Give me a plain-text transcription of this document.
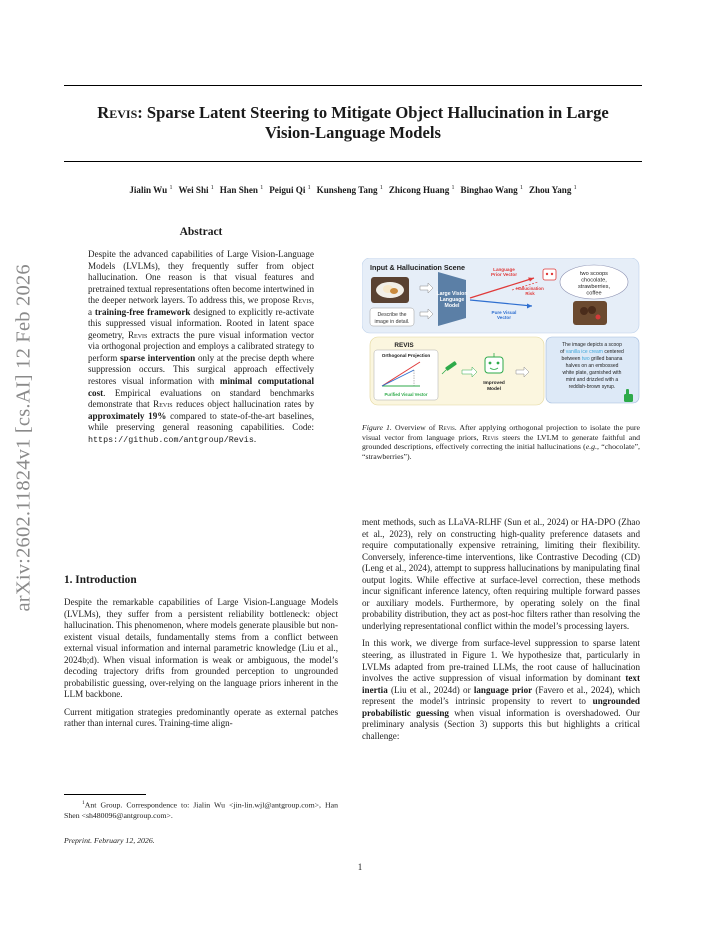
arXiv:2602.11824v1 [cs.AI] 12 Feb 2026
Revis: Sparse Latent Steering to Mitigate Object Hallucination in Large
Vision-Language Models
Jialin Wu $^1$ Wei Shi $^1$ Han Shen $^1$ Peigui Qi $^1$ Kunsheng Tang $^1$ Zhicong Huang $^1$ Binghao Wang $^1$ Zhou Yang $^1$
Abstract

Despite the advanced capabilities of Large Vision-Language Models (LVLMs), they frequently suffer from object hallucination. One reason is that visual features and pretrained textual representations often become intertwined in the deeper network layers. To address this, we propose Revis, a training-free framework designed to explicitly re-activate this suppressed visual information. Rooted in latent space geometry, Revis extracts the pure visual information vector via orthogonal projection and employs a calibrated strategy to perform sparse intervention only at the precise depth where suppression occurs. This surgical approach effectively restores visual information with minimal computational cost. Empirical evaluations on standard benchmarks demonstrate that Revis reduces object hallucination rates by approximately 19% compared to state-of-the-art baselines, while preserving general reasoning capabilities. Code: https://github.com/antgroup/Revis.

1. Introduction

Despite the remarkable capabilities of Large Vision-Language Models (LVLMs), they suffer from a persistent reliability bottleneck: object hallucination. This phenomenon, where models generate plausible but non-existent visual details, fundamentally stems from a conflict between external visual information and internal parametric knowledge (Liu et al., 2024b;d). When visual information is weak or ambiguous, the model’s decoding trajectory drifts from grounded perception to ungrounded probabilistic guessing, over-relying on the language priors inherent in the LLM backbone.

Current mitigation strategies predominantly operate as external patches rather than internal cures. Training-time align-

$^1$Ant Group. Correspondence to: Jialin Wu <jin-lin.wjl@antgroup.com>, Han Shen <sh480096@antgroup.com>.
Preprint. February 12, 2026.
1
Input & Hallucination Scene
Describe the
image in detail.
Large Vision
Language
Model
Language
Prior Vector
Hallucination
Risk
Pure Visual
Vector
two scoops
chocolate,
strawberries,
coffee
REVIS
Orthogonal Projection
Purified Visual Vector
Improved
Model
The image depicts a scoop
of vanilla ice cream centered
between two grilled banana
halves on an embossed
white plate, garnished with
mint and drizzled with a
reddish-brown syrup.
Figure 1. Overview of Revis. After applying orthogonal projection to isolate the pure visual vector from language priors, Revis steers the LVLM to generate faithful and grounded descriptions, effectively correcting the initial hallucinations (e.g., “chocolate”, “strawberries”).

ment methods, such as LLaVA-RLHF (Sun et al., 2024) or HA-DPO (Zhao et al., 2023), rely on constructing high-quality preference datasets and require computationally expensive retraining, limiting their flexibility. Conversely, inference-time interventions, like Contrastive Decoding (CD) (Leng et al., 2024), attempt to suppress hallucinations by manipulating final output logits. While effective at surface-level correction, these methods incur significant inference latency, often requiring multiple forward passes or auxiliary models. Furthermore, by operating solely on the final probability distribution, they act as post-hoc filters rather than resolving the underlying representational conflict within the model’s processing layers.

In this work, we diverge from surface-level suppression to sparse latent steering, as illustrated in Figure 1. We hypothesize that, particularly in LVLMs adapted from pre-trained LLMs, the root cause of hallucination involves the active suppression of visual information by dominant text inertia (Liu et al., 2024d) or language prior (Favero et al., 2024), which represent the model’s intrinsic propensity to revert to ungrounded probabilistic guessing when visual information is overshadowed. Our preliminary analysis (Section 3) supports this but highlights a critical challenge:
